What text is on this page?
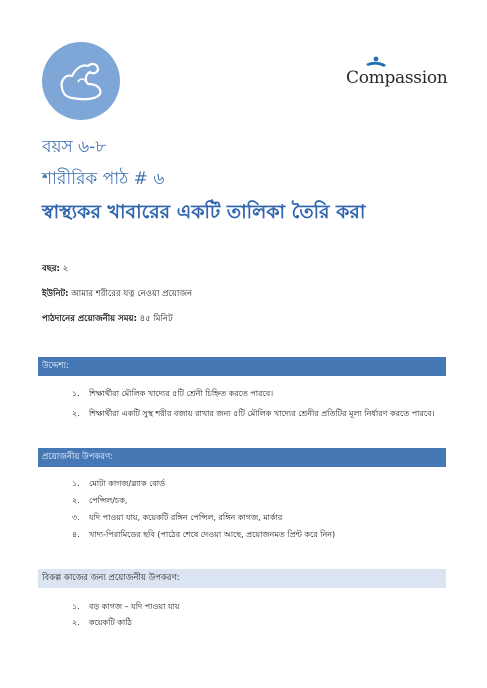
Compassion
বয়স ৬-৮
শারীরিক পাঠ # ৬
স্বাস্থ্যকর খাবারের একটি তালিকা তৈরি করা
বছর: ২
ইউনিট: আমার শরীরের যত্ন নেওয়া প্রয়োজন
পাঠদানের প্রয়োজনীয় সময়: ৪৫ মিনিট
উদ্দেশ্য:
১. শিক্ষার্থীরা মৌলিক খাদ্যের ৫টি শ্রেনী চিহ্নিত করতে পারবে।
২. শিক্ষার্থীরা একটি সুস্থ শরীর বজায় রাখার জন্য ৫টি মৌলিক খাদ্যের শ্রেনীর প্রতিটির মূল্য নির্ধারণ করতে পারবে।
প্রয়োজনীয় উপকরণ:
১. মোটা কাগজ/ব্ল্যাক বোর্ড
২. পেন্সিল/চক,
৩. যদি পাওয়া যায়, কয়েকটি রঙ্গিন পেন্সিল, রঙ্গিন কাগজ, মার্কার
৪. খাদ্য-পিরামিডের ছবি (পাঠের শেষে দেওয়া আছে, প্রয়োজনমত প্রিন্ট করে নিন)
বিকল্প কাজের জন্য প্রয়োজনীয় উপকরণ:
১. বড় কাগজ – যদি পাওয়া যায়
২. কয়েকটি কাঠি
